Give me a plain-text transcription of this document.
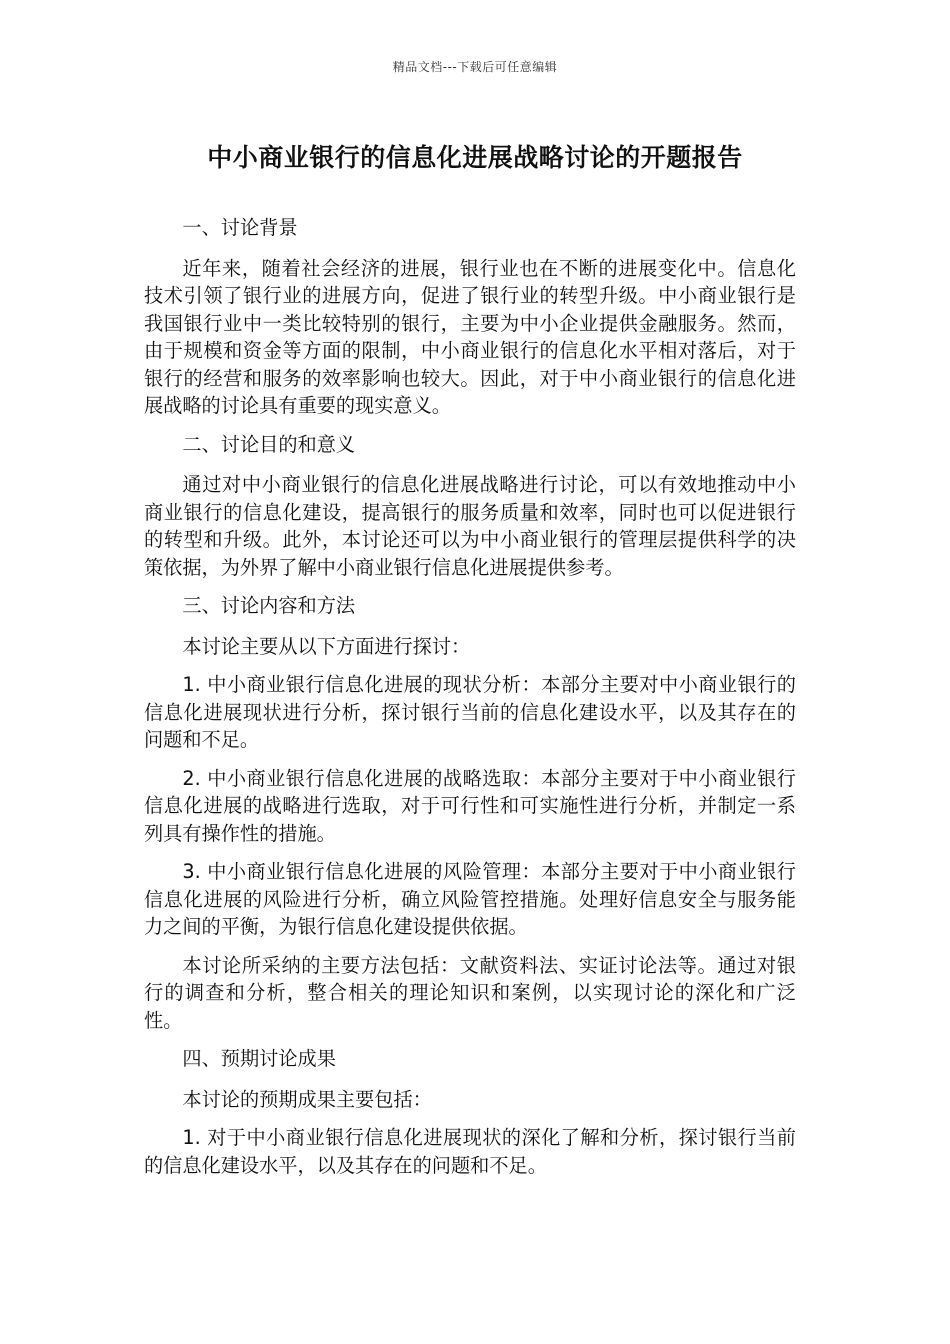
精品文档---下载后可任意编辑
中小商业银行的信息化进展战略讨论的开题报告

一、讨论背景

近年来，随着社会经济的进展，银行业也在不断的进展变化中。信息化技术引领了银行业的进展方向，促进了银行业的转型升级。中小商业银行是我国银行业中一类比较特别的银行，主要为中小企业提供金融服务。然而，由于规模和资金等方面的限制，中小商业银行的信息化水平相对落后，对于银行的经营和服务的效率影响也较大。因此，对于中小商业银行的信息化进展战略的讨论具有重要的现实意义。

二、讨论目的和意义

通过对中小商业银行的信息化进展战略进行讨论，可以有效地推动中小商业银行的信息化建设，提高银行的服务质量和效率，同时也可以促进银行的转型和升级。此外，本讨论还可以为中小商业银行的管理层提供科学的决策依据，为外界了解中小商业银行信息化进展提供参考。

三、讨论内容和方法

本讨论主要从以下方面进行探讨：

1. 中小商业银行信息化进展的现状分析：本部分主要对中小商业银行的信息化进展现状进行分析，探讨银行当前的信息化建设水平，以及其存在的问题和不足。

2. 中小商业银行信息化进展的战略选取：本部分主要对于中小商业银行信息化进展的战略进行选取，对于可行性和可实施性进行分析，并制定一系列具有操作性的措施。

3. 中小商业银行信息化进展的风险管理：本部分主要对于中小商业银行信息化进展的风险进行分析，确立风险管控措施。处理好信息安全与服务能力之间的平衡，为银行信息化建设提供依据。

本讨论所采纳的主要方法包括：文献资料法、实证讨论法等。通过对银行的调查和分析，整合相关的理论知识和案例，以实现讨论的深化和广泛性。

四、预期讨论成果

本讨论的预期成果主要包括：

1. 对于中小商业银行信息化进展现状的深化了解和分析，探讨银行当前的信息化建设水平，以及其存在的问题和不足。
